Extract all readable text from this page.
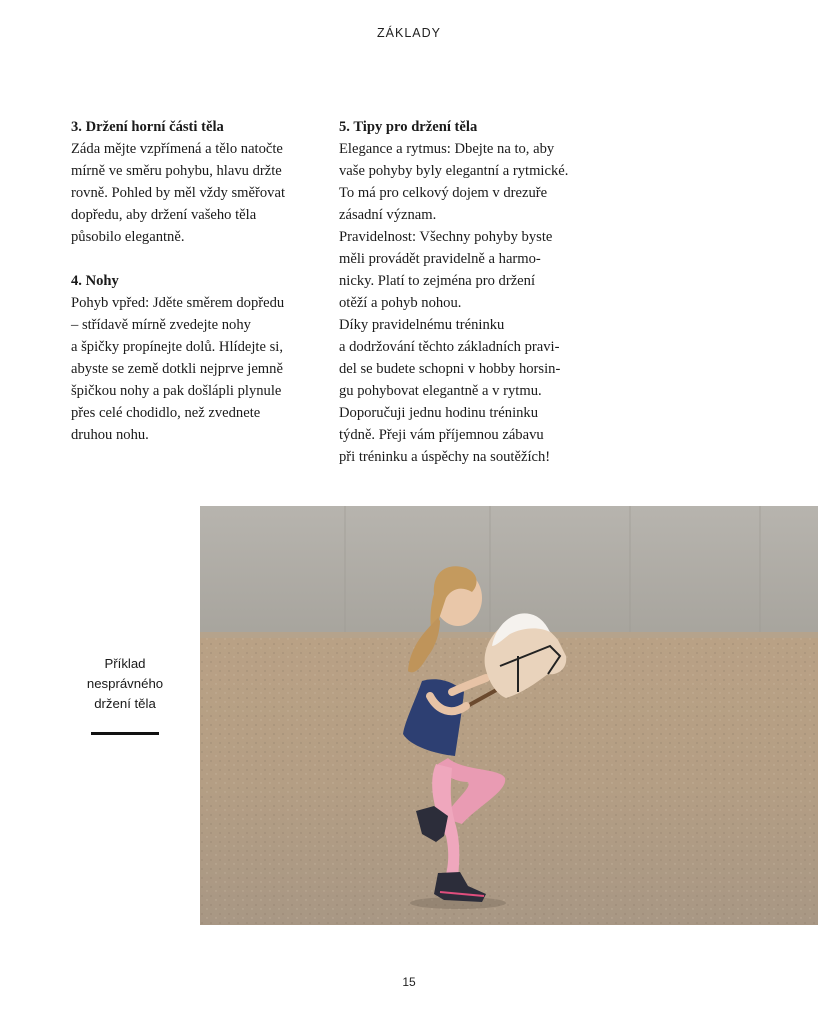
ZÁKLADY
3. Držení horní části těla
Záda mějte vzpřímená a tělo natočte
mírně ve směru pohybu, hlavu držte
rovně. Pohled by měl vždy směřovat
dopředu, aby držení vašeho těla
působilo elegantně.
4. Nohy
Pohyb vpřed: Jděte směrem dopředu
– střídavě mírně zvedejte nohy
a špičky propínejte dolů. Hlídejte si,
abyste se země dotkli nejprve jemně
špičkou nohy a pak došlápli plynule
přes celé chodidlo, než zvednete
druhou nohu.
5. Tipy pro držení těla
Elegance a rytmus: Dbejte na to, aby
vaše pohyby byly elegantní a rytmické.
To má pro celkový dojem v drezuře
zásadní význam.
Pravidelnost: Všechny pohyby byste
měli provádět pravidelně a harmo-
nicky. Platí to zejména pro držení
otěží a pohyb nohou.
Díky pravidelnému tréninku
a dodržování těchto základních pravi-
del se budete schopni v hobby horsin-
gu pohybovat elegantně a v rytmu.
Doporučuji jednu hodinu tréninku
týdně. Přeji vám příjemnou zábavu
při tréninku a úspěchy na soutěžích!
Příklad
nesprávného
držení těla
15
